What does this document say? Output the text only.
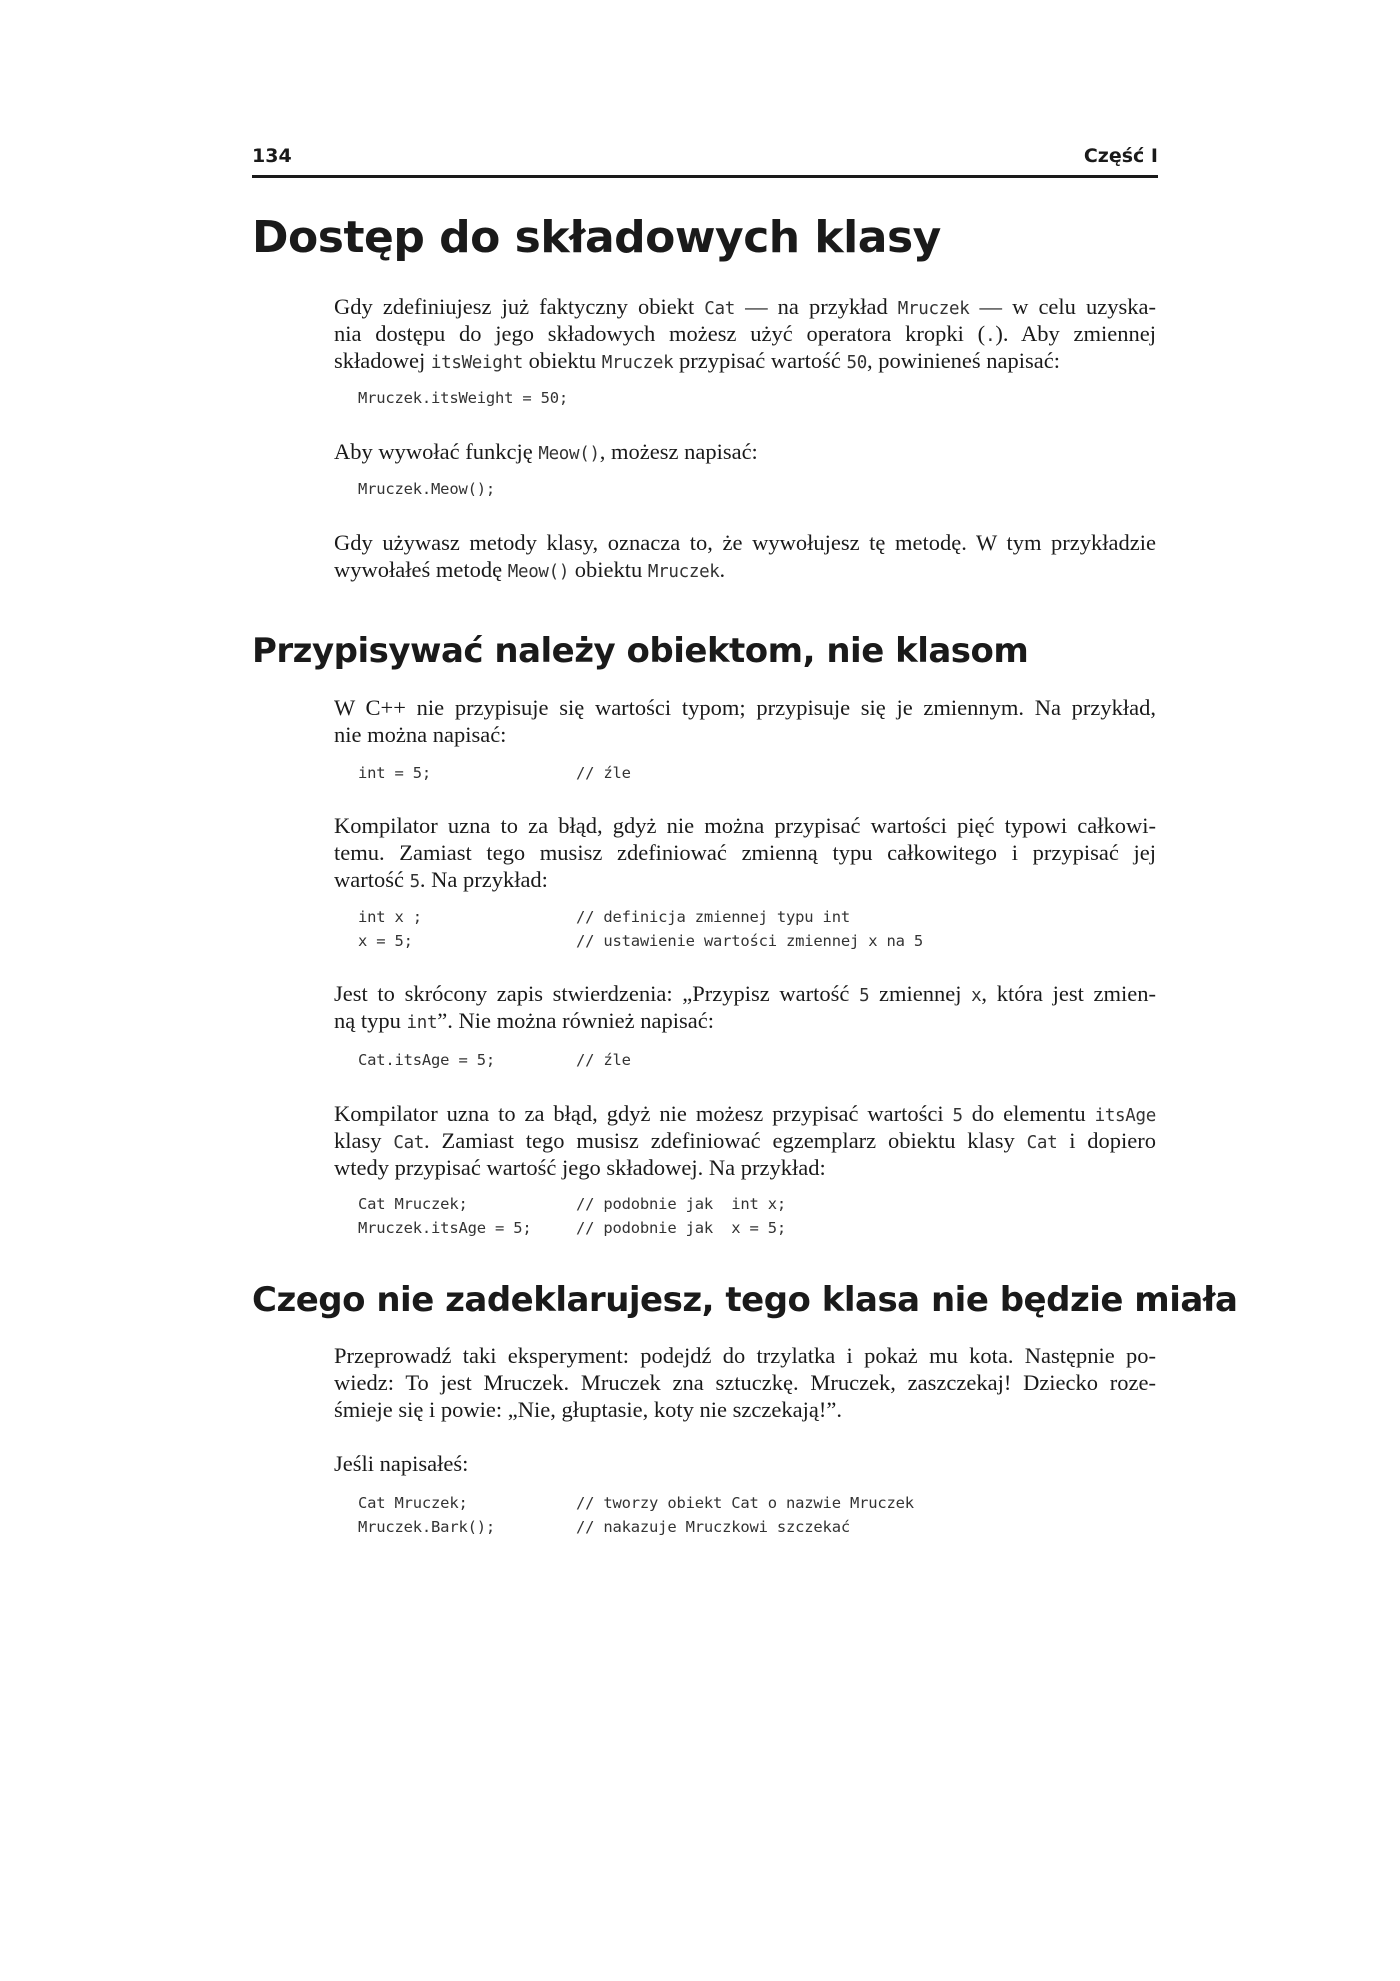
134	Część I
Dostęp do składowych klasy

Gdy zdefiniujesz już faktyczny obiekt Cat — na przykład Mruczek — w celu uzyska-
nia dostępu do jego składowych możesz użyć operatora kropki (.). Aby zmiennej
składowej itsWeight obiektu Mruczek przypisać wartość 50, powinieneś napisać:

Mruczek.itsWeight = 50;

Aby wywołać funkcję Meow(), możesz napisać:

Mruczek.Meow();

Gdy używasz metody klasy, oznacza to, że wywołujesz tę metodę. W tym przykładzie
wywołałeś metodę Meow() obiektu Mruczek.

Przypisywać należy obiektom, nie klasom

W C++ nie przypisuje się wartości typom; przypisuje się je zmiennym. Na przykład,
nie można napisać:

int = 5;	// źle

Kompilator uzna to za błąd, gdyż nie można przypisać wartości pięć typowi całkowi-
temu. Zamiast tego musisz zdefiniować zmienną typu całkowitego i przypisać jej
wartość 5. Na przykład:

int x ;	// definicja zmiennej typu int
x = 5;	// ustawienie wartości zmiennej x na 5

Jest to skrócony zapis stwierdzenia: „Przypisz wartość 5 zmiennej x, która jest zmien-
ną typu int”. Nie można również napisać:

Cat.itsAge = 5;	// źle

Kompilator uzna to za błąd, gdyż nie możesz przypisać wartości 5 do elementu itsAge
klasy Cat. Zamiast tego musisz zdefiniować egzemplarz obiektu klasy Cat i dopiero
wtedy przypisać wartość jego składowej. Na przykład:

Cat Mruczek;	// podobnie jak  int x;
Mruczek.itsAge = 5;	// podobnie jak  x = 5;
Czego nie zadeklarujesz, tego klasa nie będzie miała

Przeprowadź taki eksperyment: podejdź do trzylatka i pokaż mu kota. Następnie po-
wiedz: To jest Mruczek. Mruczek zna sztuczkę. Mruczek, zaszczekaj! Dziecko roze-
śmieje się i powie: „Nie, głuptasie, koty nie szczekają!”.

Jeśli napisałeś:

Cat Mruczek;	// tworzy obiekt Cat o nazwie Mruczek
Mruczek.Bark();	// nakazuje Mruczkowi szczekać
